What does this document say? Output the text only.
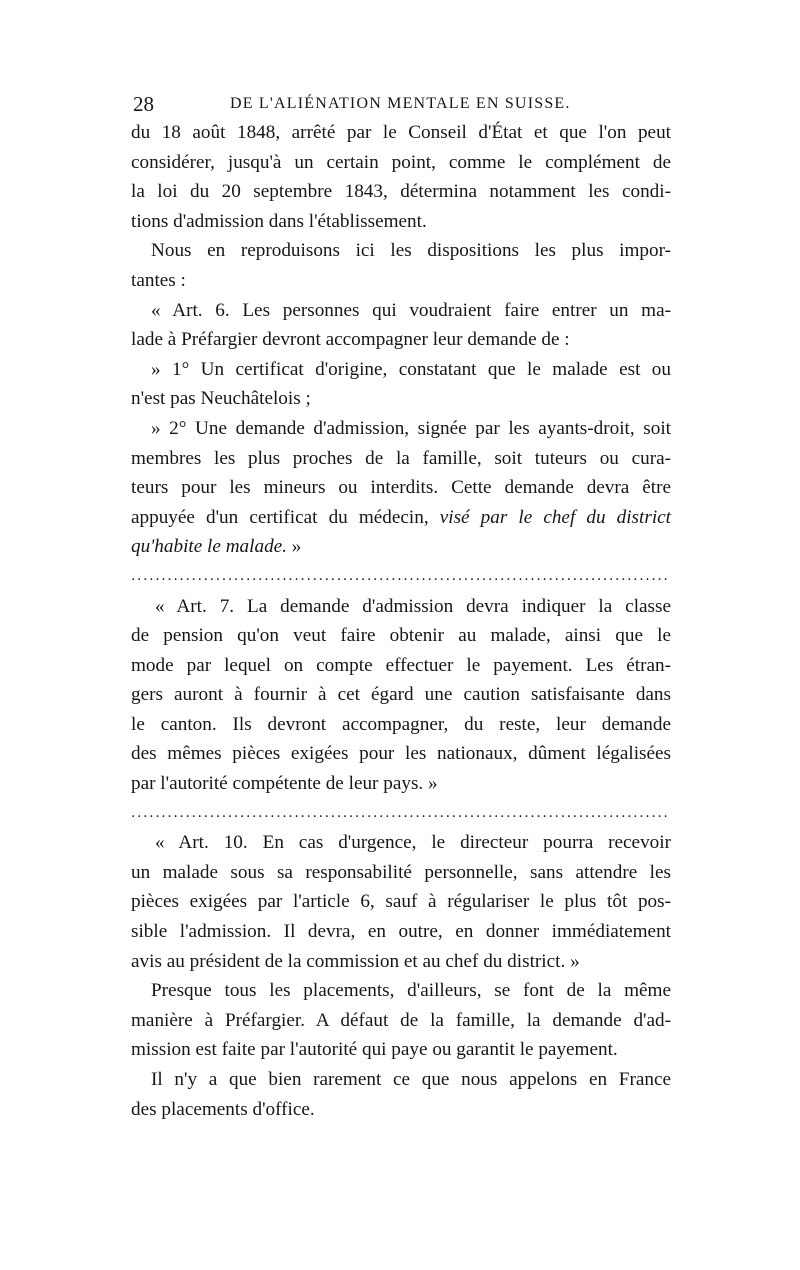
28	DE L'ALIÉNATION MENTALE EN SUISSE.
du 18 août 1848, arrêté par le Conseil d'État et que l'on peut
considérer, jusqu'à un certain point, comme le complément de
la loi du 20 septembre 1843, détermina notamment les condi-
tions d'admission dans l'établissement.
Nous en reproduisons ici les dispositions les plus impor-
tantes :
« Art. 6. Les personnes qui voudraient faire entrer un ma-
lade à Préfargier devront accompagner leur demande de :
» 1° Un certificat d'origine, constatant que le malade est ou
n'est pas Neuchâtelois ;
» 2° Une demande d'admission, signée par les ayants-droit, soit
membres les plus proches de la famille, soit tuteurs ou cura-
teurs pour les mineurs ou interdits. Cette demande devra être
appuyée d'un certificat du médecin, visé par le chef du district
qu'habite le malade. »
.........................................................................................
« Art. 7. La demande d'admission devra indiquer la classe
de pension qu'on veut faire obtenir au malade, ainsi que le
mode par lequel on compte effectuer le payement. Les étran-
gers auront à fournir à cet égard une caution satisfaisante dans
le canton. Ils devront accompagner, du reste, leur demande
des mêmes pièces exigées pour les nationaux, dûment légalisées
par l'autorité compétente de leur pays. »
.........................................................................................
« Art. 10. En cas d'urgence, le directeur pourra recevoir
un malade sous sa responsabilité personnelle, sans attendre les
pièces exigées par l'article 6, sauf à régulariser le plus tôt pos-
sible l'admission. Il devra, en outre, en donner immédiatement
avis au président de la commission et au chef du district. »
Presque tous les placements, d'ailleurs, se font de la même
manière à Préfargier. A défaut de la famille, la demande d'ad-
mission est faite par l'autorité qui paye ou garantit le payement.
Il n'y a que bien rarement ce que nous appelons en France
des placements d'office.
